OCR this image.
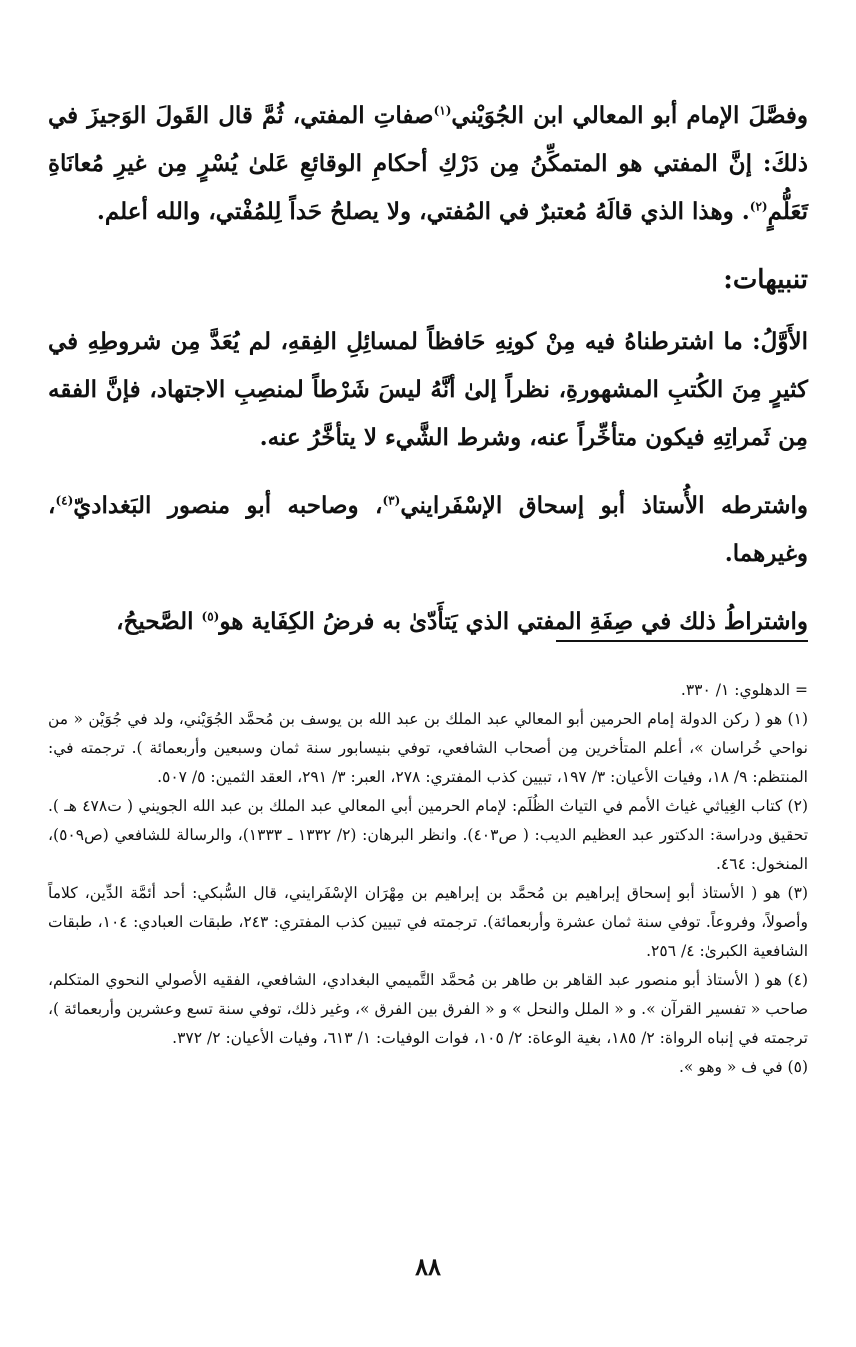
وفصَّلَ الإمام أبو المعالي ابن الجُوَيْني$^{(١)}$صفاتِ المفتي، ثُمَّ قال القَولَ الوَجيزَ في ذلكَ: إنَّ المفتي هو المتمكِّنُ مِن دَرْكِ أحكامِ الوقائعِ عَلىٰ يُسْرٍ مِن غيرِ مُعانَاةِ تَعَلُّمٍ$^{(٢)}$. وهذا الذي قالَهُ مُعتبرٌ في المُفتي، ولا يصلحُ حَداً لِلمُفْتي، والله أعلم.

تنبيهات:

الأَوَّلُ: ما اشترطناهُ فيه مِنْ كونِهِ حَافظاً لمسائِلِ الفِقهِ، لم يُعَدَّ مِن شروطِهِ في كثيرٍ مِنَ الكُتبِ المشهورةِ، نظراً إلىٰ أنَّهُ ليسَ شَرْطاً لمنصِبِ الاجتهاد، فإنَّ الفقه مِن ثَمراتِهِ فيكون متأخِّراً عنه، وشرط الشَّيء لا يتأخَّرُ عنه.

واشترطه الأُستاذ أبو إسحاق الإسْفَرايني$^{(٣)}$، وصاحبه أبو منصور البَغداديّ$^{(٤)}$، وغيرهما.

واشتراطُ ذلك في صِفَةِ المفتي الذي يَتأَدّىٰ به فرضُ الكِفَاية هو$^{(٥)}$ الصَّحيحُ،

= الدهلوي: ١/ ٣٣٠.

(١) هو ( ركن الدولة إمام الحرمين أبو المعالي عبد الملك بن عبد الله بن يوسف بن مُحمَّد الجُوَيْني، ولد في جُوَيْن « من نواحي خُراسان »، أعلم المتأخرين مِن أصحاب الشافعي، توفي بنيسابور سنة ثمان وسبعين وأربعمائة ). ترجمته في: المنتظم: ٩/ ١٨، وفيات الأعيان: ٣/ ١٩٧، تبيين كذب المفتري: ٢٧٨، العبر: ٣/ ٢٩١، العقد الثمين: ٥/ ٥٠٧.

(٢) كتاب الغِياثي غياث الأمم في التياث الظُلَم: لإمام الحرمين أبي المعالي عبد الملك بن عبد الله الجويني ( ت٤٧٨ هـ ). تحقيق ودراسة: الدكتور عبد العظيم الديب: ( ص٤٠٣). وانظر البرهان: (٢/ ١٣٣٢ ـ ١٣٣٣)، والرسالة للشافعي (ص٥٠٩)، المنخول: ٤٦٤.

(٣) هو ( الأستاذ أبو إسحاق إبراهيم بن مُحمَّد بن إبراهيم بن مِهْرَان الإسْفَرايني، قال السُّبكي: أحد أئمَّة الدِّين، كلاماً وأصولاً، وفروعاً. توفي سنة ثمان عشرة وأربعمائة). ترجمته في تبيين كذب المفتري: ٢٤٣، طبقات العبادي: ١٠٤، طبقات الشافعية الكبرىٰ: ٤/ ٢٥٦.

(٤) هو ( الأستاذ أبو منصور عبد القاهر بن طاهر بن مُحمَّد التَّميمي البغدادي، الشافعي، الفقيه الأصولي النحوي المتكلم، صاحب « تفسير القرآن ». و « الملل والنحل » و « الفرق بين الفرق »، وغير ذلك، توفي سنة تسع وعشرين وأربعمائة )، ترجمته في إنباه الرواة: ٢/ ١٨٥، بغية الوعاة: ٢/ ١٠٥، فوات الوفيات: ١/ ٦١٣، وفيات الأعيان: ٢/ ٣٧٢.

(٥) في ف « وهو ».

٨٨
